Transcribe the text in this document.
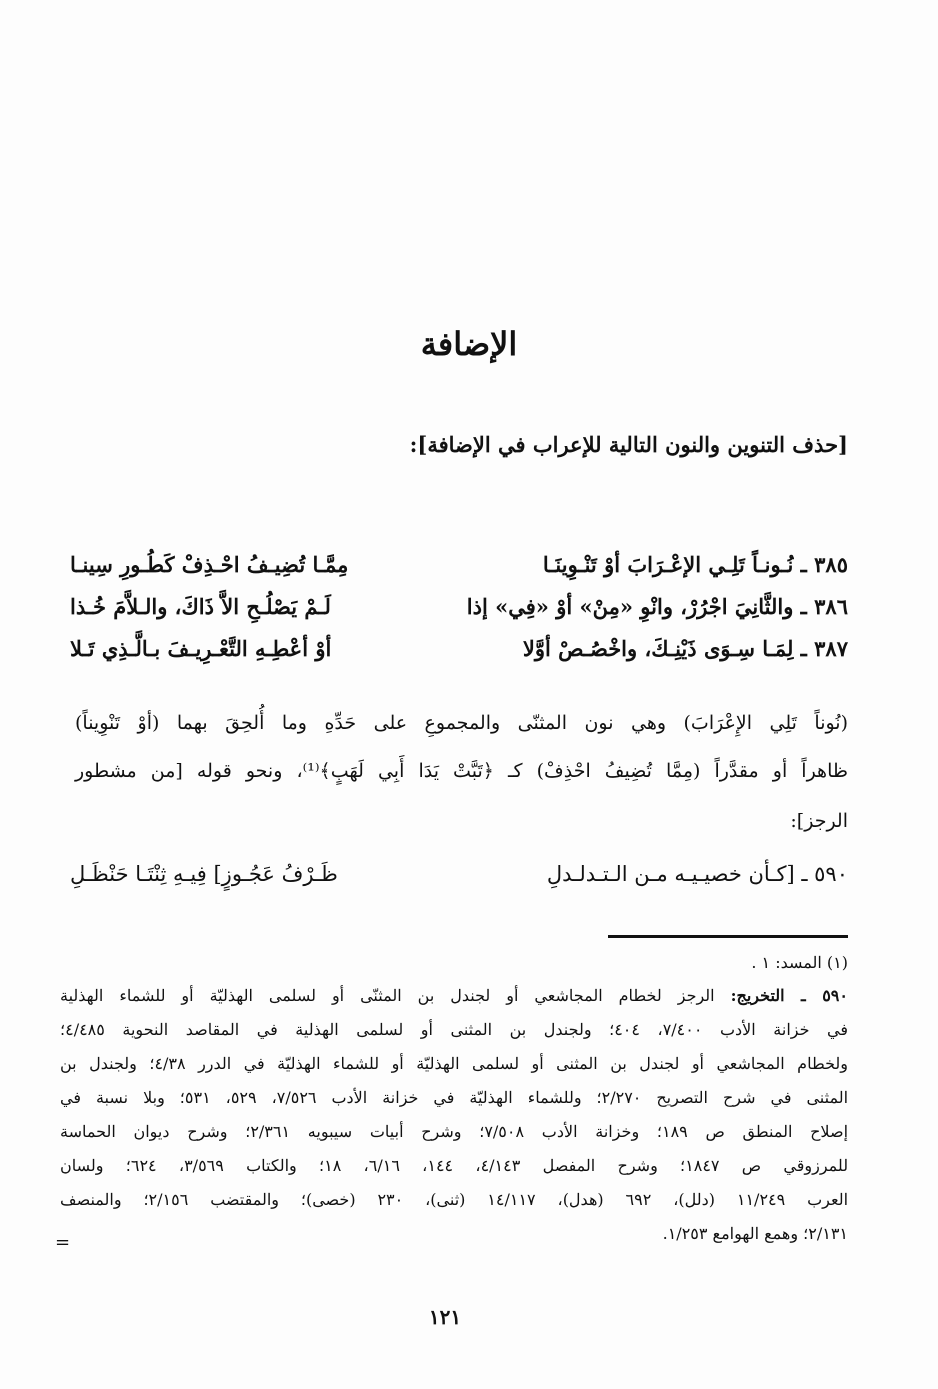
الإضافة
[حذف التنوين والنون التالية للإعراب في الإضافة]:
٣٨٥ ـ نُـونـاً تَلِـي الإعْـرَابَ أوْ تَنْـوِينَـا
مِمَّـا تُضِيـفُ احْـذِفْ كَطُـورِ سِينـا
٣٨٦ ـ والثَّانِيَ اجْرُرْ، وانْوِ «مِنْ» أوْ «فِي» إذا
لَـمْ يَصْلُـحِ الاَّ ذَاكَ، والـلاَّمَ خُـذا
٣٨٧ ـ لِمَـا سِـوَى ذَيْنِـكَ، واخْصُـصْ أوَّلا
أوْ أعْطِـهِ التَّعْـرِيـفَ بـالَّـذِي تَـلا
(نُوناً تَلِي الإِعْرَابَ) وهي نون المثنّى والمجموعِ على حَدِّهِ وما أُلحِقَ بهما (أوْ تَنْوِيناً)
ظاهراً أو مقدَّراً (مِمَّا تُضِيفُ احْذِفْ) كـ ﴿تَبَّتْ يَدَا أَبِي لَهَبٍ﴾⁽¹⁾، ونحو قوله [من مشطور
الرجز]:
٥٩٠ ـ [كـأن خصيـيـه مـن الـتـدلـدلِ
ظَـرْفُ عَجُـوزٍ] فِيـهِ ثِنْتَـا حَنْظَـلِ
(١) المسد: ١ .
٥٩٠ ـ التخريج: الرجز لخطام المجاشعي أو لجندل بن المثنّى أو لسلمى الهذليّة أو للشماء الهذلية
في خزانة الأدب ٧/٤٠٠، ٤٠٤؛ ولجندل بن المثنى أو لسلمى الهذلية في المقاصد النحوية ٤/٤٨٥؛
ولخطام المجاشعي أو لجندل بن المثنى أو لسلمى الهذليّة أو للشماء الهذليّة في الدرر ٤/٣٨؛ ولجندل بن
المثنى في شرح التصريح ٢/٢٧٠؛ وللشماء الهذليّة في خزانة الأدب ٧/٥٢٦، ٥٢٩، ٥٣١؛ وبلا نسبة في
إصلاح المنطق ص ١٨٩؛ وخزانة الأدب ٧/٥٠٨؛ وشرح أبيات سيبويه ٢/٣٦١؛ وشرح ديوان الحماسة
للمرزوقي ص ١٨٤٧؛ وشرح المفصل ٤/١٤٣، ١٤٤، ٦/١٦، ١٨؛ والكتاب ٣/٥٦٩، ٦٢٤؛ ولسان
العرب ١١/٢٤٩ (دلل)، ٦٩٢ (هدل)، ١٤/١١٧ (ثنى)، ٢٣٠ (خصى)؛ والمقتضب ٢/١٥٦؛ والمنصف
٢/١٣١؛ وهمع الهوامع ١/٢٥٣.
=
١٢١
